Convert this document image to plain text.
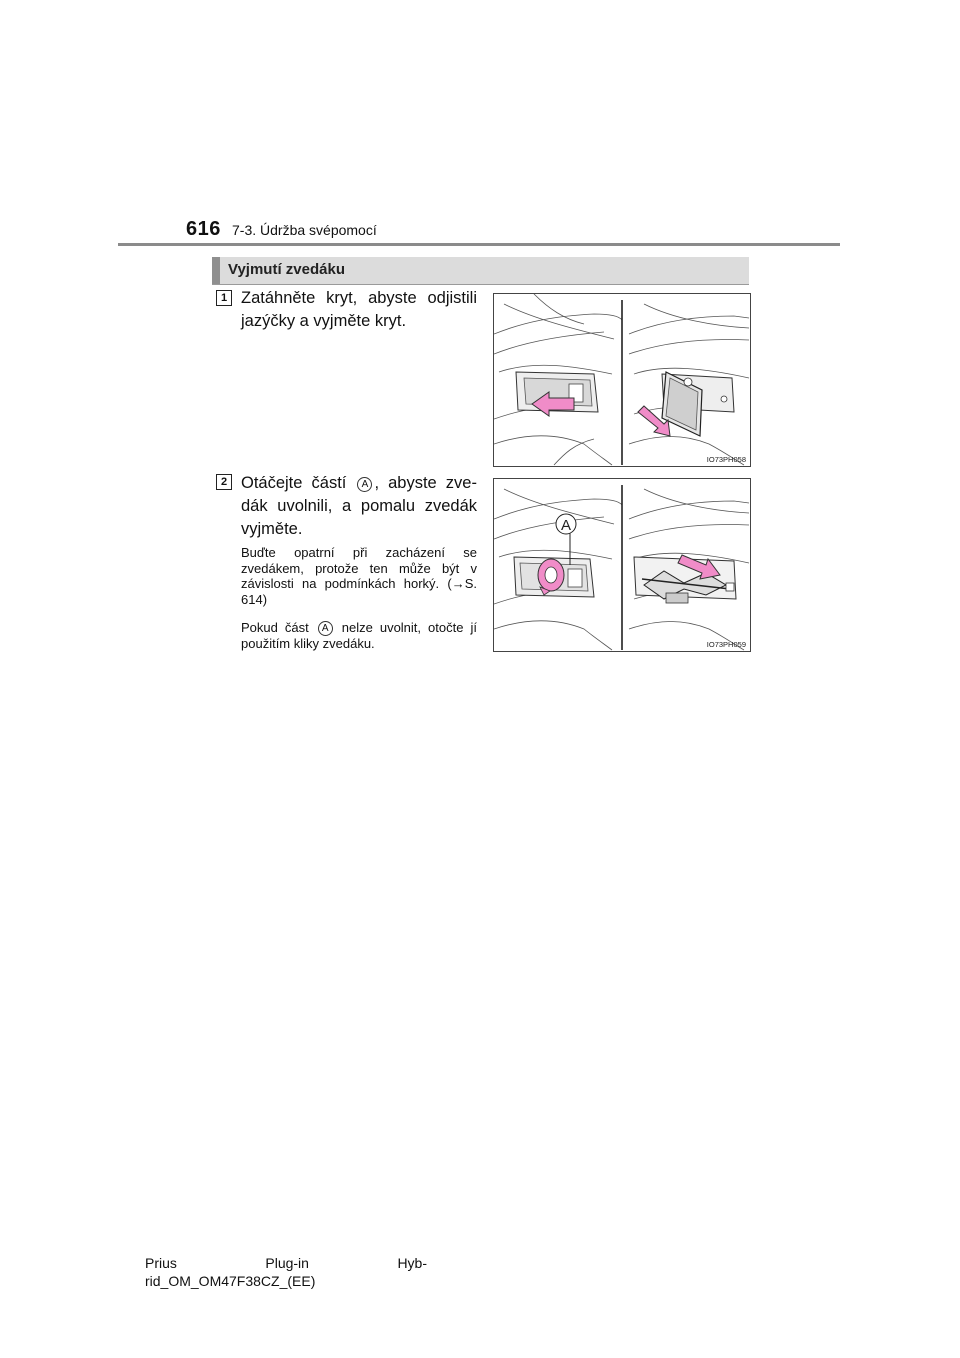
616 7-3. Údržba svépomocí
Vyjmutí zvedáku
1 Zatáhněte kryt, abyste odjistili jazýčky a vyjměte kryt.
IO73PH058
2 Otáčejte částí A , abyste zve-dák uvolnili, a pomalu zvedák vyjměte.
Buďte opatrní při zacházení se zvedákem, protože ten může být v závislosti na podmínkách horký. (→S. 614)
Pokud část A nelze uvolnit, otočte jí použitím kliky zvedáku.
A
IO73PH059
Prius	Plug-in	Hyb-
rid_OM_OM47F38CZ_(EE)
